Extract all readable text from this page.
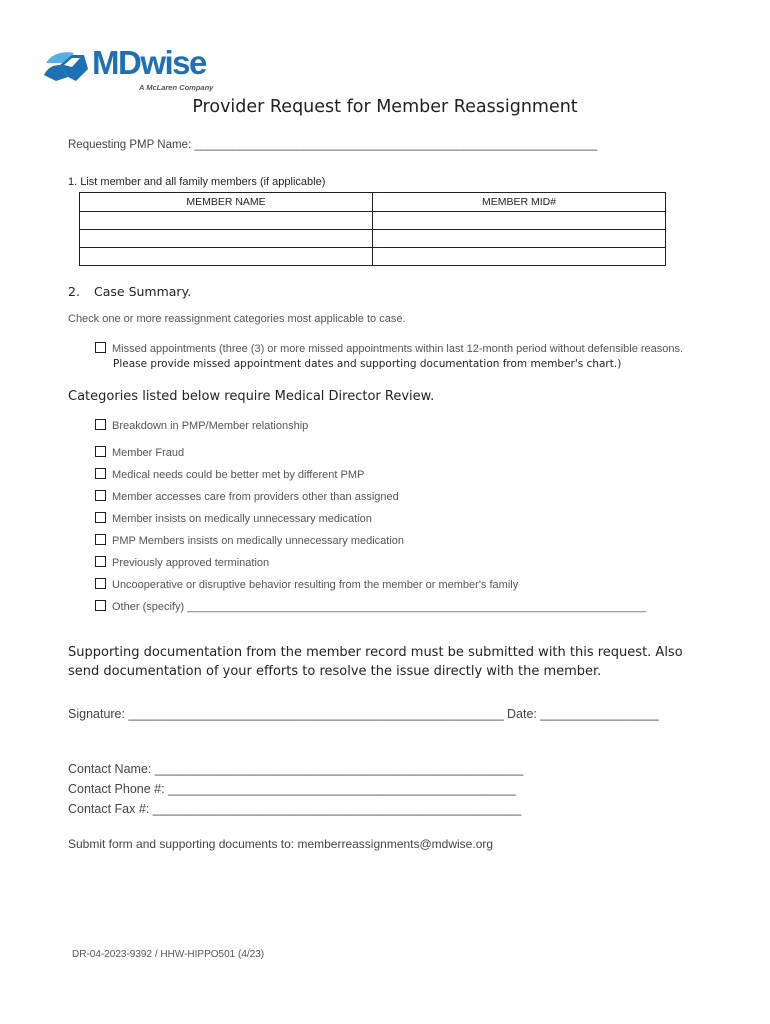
MDwise
A McLaren Company
Provider Request for Member Reassignment
Requesting PMP Name: _______________________________________________________________
1. List member and all family members (if applicable)
MEMBER NAME	MEMBER MID#

2. Case Summary.
Check one or more reassignment categories most applicable to case.
Missed appointments (three (3) or more missed appointments within last 12-month period without defensible reasons.
Please provide missed appointment dates and supporting documentation from member's chart.)
Categories listed below require Medical Director Review.
Breakdown in PMP/Member relationship
Member Fraud
Medical needs could be better met by different PMP
Member accesses care from providers other than assigned
Member insists on medically unnecessary medication
PMP Members insists on medically unnecessary medication
Previously approved termination
Uncooperative or disruptive behavior resulting from the member or member's family
Other (specify) ___________________________________________________________________________
Supporting documentation from the member record must be submitted with this request. Also send documentation of your efforts to resolve the issue directly with the member.
Signature: ______________________________________________________ Date: _________________
Contact Name: _____________________________________________________
Contact Phone #: __________________________________________________
Contact Fax #: _____________________________________________________
Submit form and supporting documents to: memberreassignments@mdwise.org
DR-04-2023-9392 / HHW-HIPPO501 (4/23)
